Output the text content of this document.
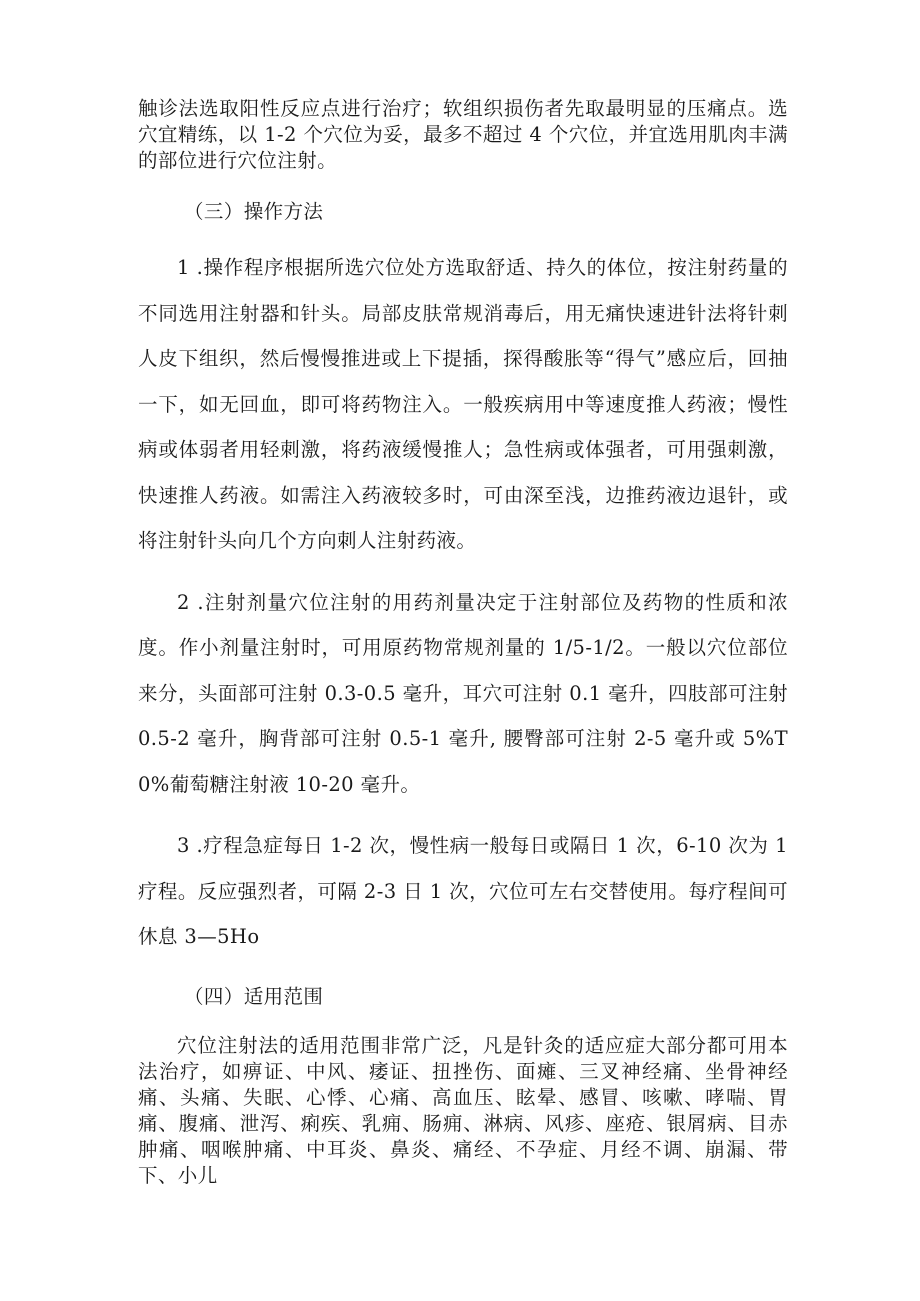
触诊法选取阳性反应点进行治疗；软组织损伤者先取最明显的压痛点。选穴宜精练，以 1-2 个穴位为妥，最多不超过 4 个穴位，并宜选用肌肉丰满的部位进行穴位注射。

（三）操作方法

1 .操作程序根据所选穴位处方选取舒适、持久的体位，按注射药量的不同选用注射器和针头。局部皮肤常规消毒后，用无痛快速进针法将针刺人皮下组织，然后慢慢推进或上下提插，探得酸胀等“得气”感应后，回抽一下，如无回血，即可将药物注入。一般疾病用中等速度推人药液；慢性病或体弱者用轻刺激，将药液缓慢推人；急性病或体强者，可用强刺激，快速推人药液。如需注入药液较多时，可由深至浅，边推药液边退针，或将注射针头向几个方向刺人注射药液。

2 .注射剂量穴位注射的用药剂量决定于注射部位及药物的性质和浓度。作小剂量注射时，可用原药物常规剂量的 1/5-1/2。一般以穴位部位来分，头面部可注射 0.3-0.5 毫升，耳穴可注射 0.1 毫升，四肢部可注射 0.5-2 毫升，胸背部可注射 0.5-1 毫升, 腰臀部可注射 2-5 毫升或 5%T0%葡萄糖注射液 10-20 毫升。

3 .疗程急症每日 1-2 次，慢性病一般每日或隔日 1 次，6-10 次为 1 疗程。反应强烈者，可隔 2-3 日 1 次，穴位可左右交替使用。每疗程间可休息 3—5Ho

（四）适用范围

穴位注射法的适用范围非常广泛，凡是针灸的适应症大部分都可用本法治疗，如痹证、中风、痿证、扭挫伤、面瘫、三叉神经痛、坐骨神经痛、头痛、失眠、心悸、心痛、高血压、眩晕、感冒、咳嗽、哮喘、胃痛、腹痛、泄泻、痢疾、乳痈、肠痈、淋病、风疹、座疮、银屑病、目赤肿痛、咽喉肿痛、中耳炎、鼻炎、痛经、不孕症、月经不调、崩漏、带下、小儿
